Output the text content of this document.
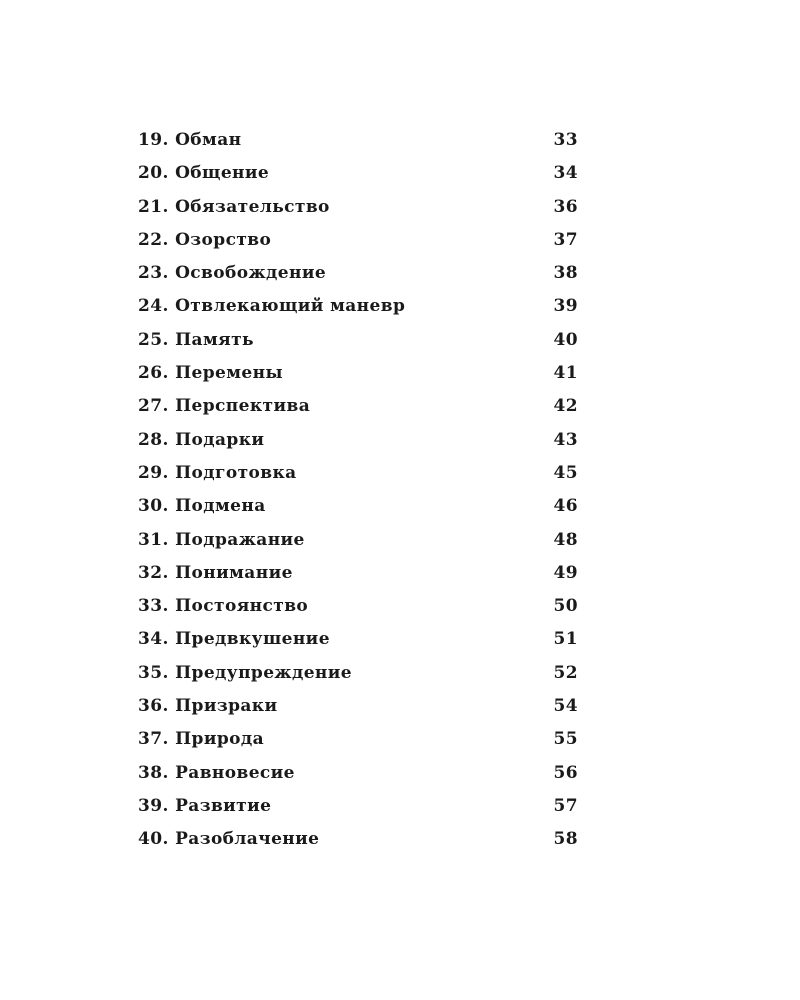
19. Обман	33
20. Общение	34
21. Обязательство	36
22. Озорство	37
23. Освобождение	38
24. Отвлекающий маневр	39
25. Память	40
26. Перемены	41
27. Перспектива	42
28. Подарки	43
29. Подготовка	45
30. Подмена	46
31. Подражание	48
32. Понимание	49
33. Постоянство	50
34. Предвкушение	51
35. Предупреждение	52
36. Призраки	54
37. Природа	55
38. Равновесие	56
39. Развитие	57
40. Разоблачение	58
